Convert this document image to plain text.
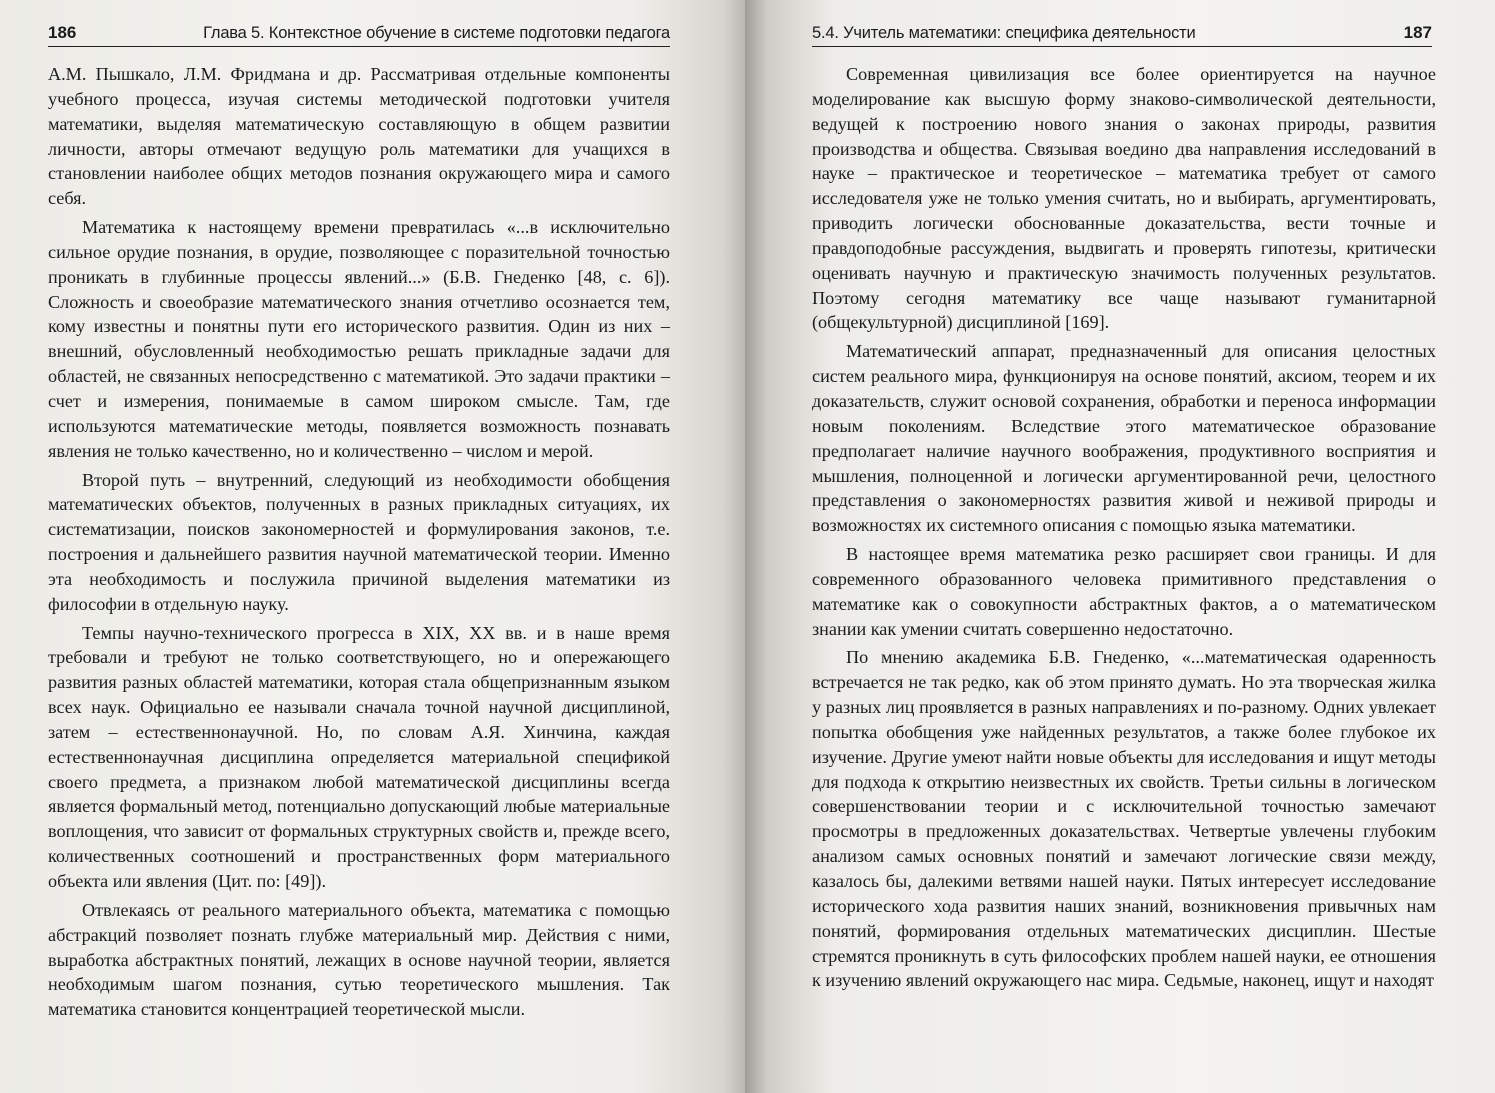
186	Глава 5. Контекстное обучение в системе подготовки педагога

А.М. Пышкало, Л.М. Фридмана и др. Рассматривая отдельные компоненты учебного процесса, изучая системы методической подготовки учителя математики, выделяя математическую составляющую в общем развитии личности, авторы отмечают ведущую роль математики для учащихся в становлении наиболее общих методов познания окружающего мира и самого себя.

Математика к настоящему времени превратилась «...в исключительно сильное орудие познания, в орудие, позволяющее с поразительной точностью проникать в глубинные процессы явлений...» (Б.В. Гнеденко [48, с. 6]). Сложность и своеобразие математического знания отчетливо осознается тем, кому известны и понятны пути его исторического развития. Один из них – внешний, обусловленный необходимостью решать прикладные задачи для областей, не связанных непосредственно с математикой. Это задачи практики – счет и измерения, понимаемые в самом широком смысле. Там, где используются математические методы, появляется возможность познавать явления не только качественно, но и количественно – числом и мерой.

Второй путь – внутренний, следующий из необходимости обобщения математических объектов, полученных в разных прикладных ситуациях, их систематизации, поисков закономерностей и формулирования законов, т.е. построения и дальнейшего развития научной математической теории. Именно эта необходимость и послужила причиной выделения математики из философии в отдельную науку.

Темпы научно-технического прогресса в XIX, XX вв. и в наше время требовали и требуют не только соответствующего, но и опережающего развития разных областей математики, которая стала общепризнанным языком всех наук. Официально ее называли сначала точной научной дисциплиной, затем – естественнонаучной. Но, по словам А.Я. Хинчина, каждая естественнонаучная дисциплина определяется материальной спецификой своего предмета, а признаком любой математической дисциплины всегда является формальный метод, потенциально допускающий любые материальные воплощения, что зависит от формальных структурных свойств и, прежде всего, количественных соотношений и пространственных форм материального объекта или явления (Цит. по: [49]).

Отвлекаясь от реального материального объекта, математика с помощью абстракций позволяет познать глубже материальный мир. Действия с ними, выработка абстрактных понятий, лежащих в основе научной теории, является необходимым шагом познания, сутью теоретического мышления. Так математика становится концентрацией теоретической мысли.

5.4. Учитель математики: специфика деятельности	187

Современная цивилизация все более ориентируется на научное моделирование как высшую форму знаково-символической деятельности, ведущей к построению нового знания о законах природы, развития производства и общества. Связывая воедино два направления исследований в науке – практическое и теоретическое – математика требует от самого исследователя уже не только умения считать, но и выбирать, аргументировать, приводить логически обоснованные доказательства, вести точные и правдоподобные рассуждения, выдвигать и проверять гипотезы, критически оценивать научную и практическую значимость полученных результатов. Поэтому сегодня математику все чаще называют гуманитарной (общекультурной) дисциплиной [169].

Математический аппарат, предназначенный для описания целостных систем реального мира, функционируя на основе понятий, аксиом, теорем и их доказательств, служит основой сохранения, обработки и переноса информации новым поколениям. Вследствие этого математическое образование предполагает наличие научного воображения, продуктивного восприятия и мышления, полноценной и логически аргументированной речи, целостного представления о закономерностях развития живой и неживой природы и возможностях их системного описания с помощью языка математики.

В настоящее время математика резко расширяет свои границы. И для современного образованного человека примитивного представления о математике как о совокупности абстрактных фактов, а о математическом знании как умении считать совершенно недостаточно.

По мнению академика Б.В. Гнеденко, «...математическая одаренность встречается не так редко, как об этом принято думать. Но эта творческая жилка у разных лиц проявляется в разных направлениях и по-разному. Одних увлекает попытка обобщения уже найденных результатов, а также более глубокое их изучение. Другие умеют найти новые объекты для исследования и ищут методы для подхода к открытию неизвестных их свойств. Третьи сильны в логическом совершенствовании теории и с исключительной точностью замечают просмотры в предложенных доказательствах. Четвертые увлечены глубоким анализом самых основных понятий и замечают логические связи между, казалось бы, далекими ветвями нашей науки. Пятых интересует исследование исторического хода развития наших знаний, возникновения привычных нам понятий, формирования отдельных математических дисциплин. Шестые стремятся проникнуть в суть философских проблем нашей науки, ее отношения к изучению явлений окружающего нас мира. Седьмые, наконец, ищут и находят
